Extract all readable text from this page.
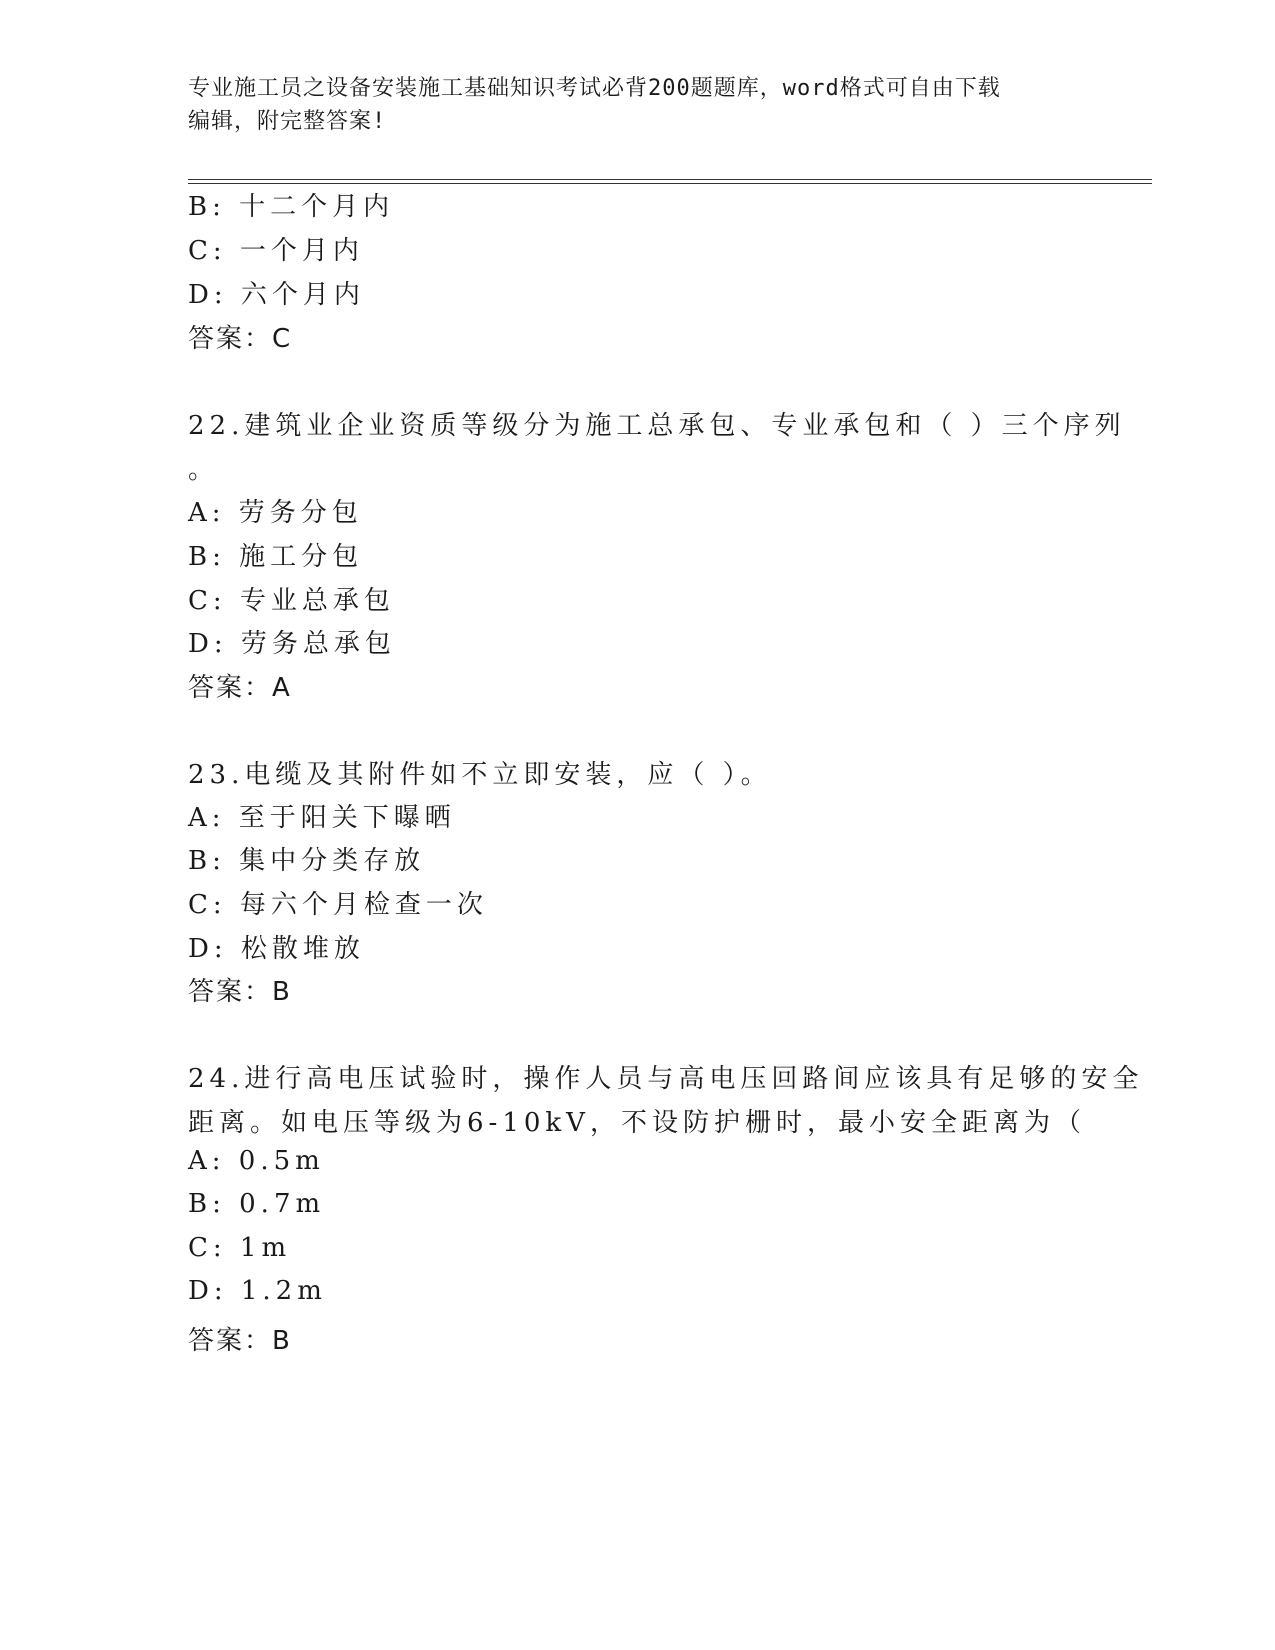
专业施工员之设备安装施工基础知识考试必背200题题库，word格式可自由下载
编辑，附完整答案!
B: 十二个月内
C: 一个月内
D: 六个月内
答案：C
22.建筑业企业资质等级分为施工总承包、专业承包和（ ）三个序列
。
A: 劳务分包
B: 施工分包
C: 专业总承包
D: 劳务总承包
答案：A
23.电缆及其附件如不立即安装，应（ ）。
A: 至于阳关下曝晒
B: 集中分类存放
C: 每六个月检查一次
D: 松散堆放
答案：B
24.进行高电压试验时，操作人员与高电压回路间应该具有足够的安全
距离。如电压等级为6-10kV，不设防护栅时，最小安全距离为（
A: 0.5m
B: 0.7m
C: 1m
D: 1.2m
答案：B
